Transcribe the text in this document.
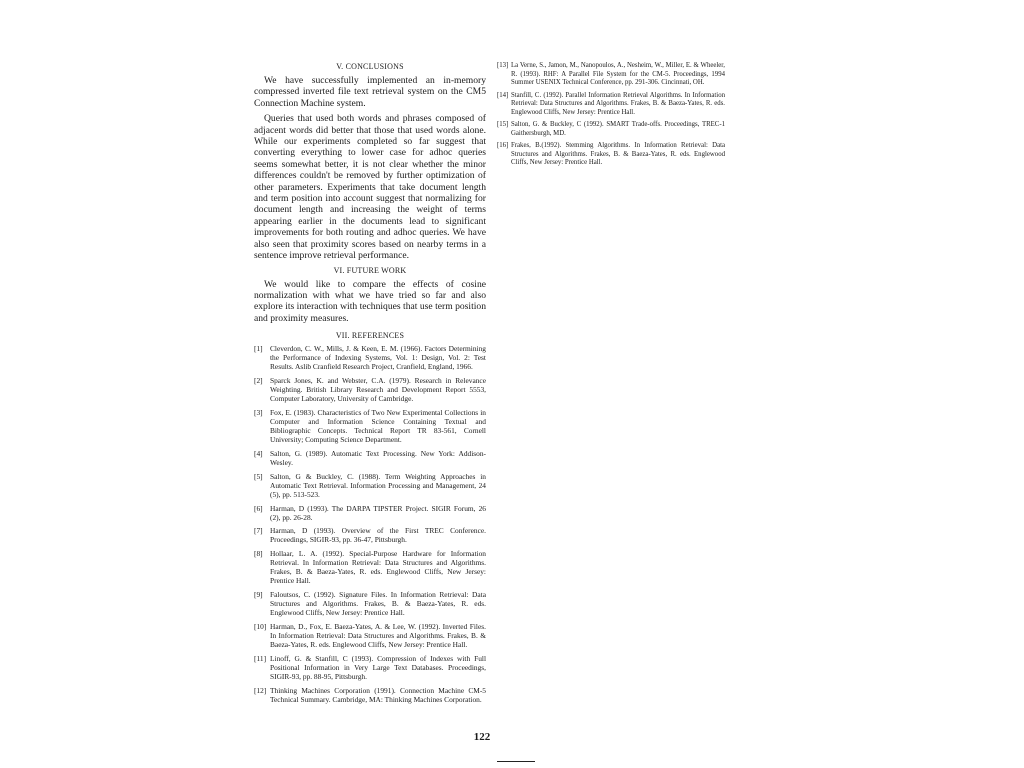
V. CONCLUSIONS

We have successfully implemented an in-memory compressed inverted file text retrieval system on the CM5 Connection Machine system.

Queries that used both words and phrases composed of adjacent words did better that those that used words alone. While our experiments completed so far suggest that converting everything to lower case for adhoc queries seems somewhat better, it is not clear whether the minor differences couldn't be removed by further optimization of other parameters. Experiments that take document length and term position into account suggest that normalizing for document length and increasing the weight of terms appearing earlier in the documents lead to significant improvements for both routing and adhoc queries. We have also seen that proximity scores based on nearby terms in a sentence improve retrieval performance.

VI. FUTURE WORK

We would like to compare the effects of cosine normalization with what we have tried so far and also explore its interaction with techniques that use term position and proximity measures.

VII. REFERENCES
[1] Cleverdon, C. W., Mills, J. & Keen, E. M. (1966). Factors Determining the Performance of Indexing Systems, Vol. 1: Design, Vol. 2: Test Results. Aslib Cranfield Research Project, Cranfield, England, 1966.
[2] Sparck Jones, K. and Webster, C.A. (1979). Research in Relevance Weighting. British Library Research and Development Report 5553, Computer Laboratory, University of Cambridge.
[3] Fox, E. (1983). Characteristics of Two New Experimental Collections in Computer and Information Science Containing Textual and Bibliographic Concepts. Technical Report TR 83-561, Cornell University; Computing Science Department.
[4] Salton, G. (1989). Automatic Text Processing. New York: Addison-Wesley.
[5] Salton, G & Buckley, C. (1988). Term Weighting Approaches in Automatic Text Retrieval. Information Processing and Management, 24 (5), pp. 513-523.
[6] Harman, D (1993). The DARPA TIPSTER Project. SIGIR Forum, 26 (2), pp. 26-28.
[7] Harman, D (1993). Overview of the First TREC Conference. Proceedings, SIGIR-93, pp. 36-47, Pittsburgh.
[8] Hollaar, L. A. (1992). Special-Purpose Hardware for Information Retrieval. In Information Retrieval: Data Structures and Algorithms. Frakes, B. & Baeza-Yates, R. eds. Englewood Cliffs, New Jersey: Prentice Hall.
[9] Faloutsos, C. (1992). Signature Files. In Information Retrieval: Data Structures and Algorithms. Frakes, B. & Baeza-Yates, R. eds. Englewood Cliffs, New Jersey: Prentice Hall.
[10] Harman, D., Fox, E. Baeza-Yates, A. & Lee, W. (1992). Inverted Files. In Information Retrieval: Data Structures and Algorithms. Frakes, B. & Baeza-Yates, R. eds. Englewood Cliffs, New Jersey: Prentice Hall.
[11] Linoff, G. & Stanfill, C (1993). Compression of Indexes with Full Positional Information in Very Large Text Databases. Proceedings, SIGIR-93, pp. 88-95, Pittsburgh.
[12] Thinking Machines Corporation (1991). Connection Machine CM-5 Technical Summary. Cambridge, MA: Thinking Machines Corporation.
[13] La Verne, S., Jamon, M., Nanopoulos, A., Nesheim, W., Miller, E. & Wheeler, R. (1993). RHF: A Parallel File System for the CM-5. Proceedings, 1994 Summer USENIX Technical Conference, pp. 291-306. Cincinnati, OH.
[14] Stanfill, C. (1992). Parallel Information Retrieval Algorithms. In Information Retrieval: Data Structures and Algorithms. Frakes, B. & Baeza-Yates, R. eds. Englewood Cliffs, New Jersey: Prentice Hall.
[15] Salton, G. & Buckley, C (1992). SMART Trade-offs. Proceedings, TREC-1 Gaithersburgh, MD.
[16] Frakes, B.(1992). Stemming Algorithms. In Information Retrieval: Data Structures and Algorithms. Frakes, B. & Baeza-Yates, R. eds. Englewood Cliffs, New Jersey: Prentice Hall.
122
